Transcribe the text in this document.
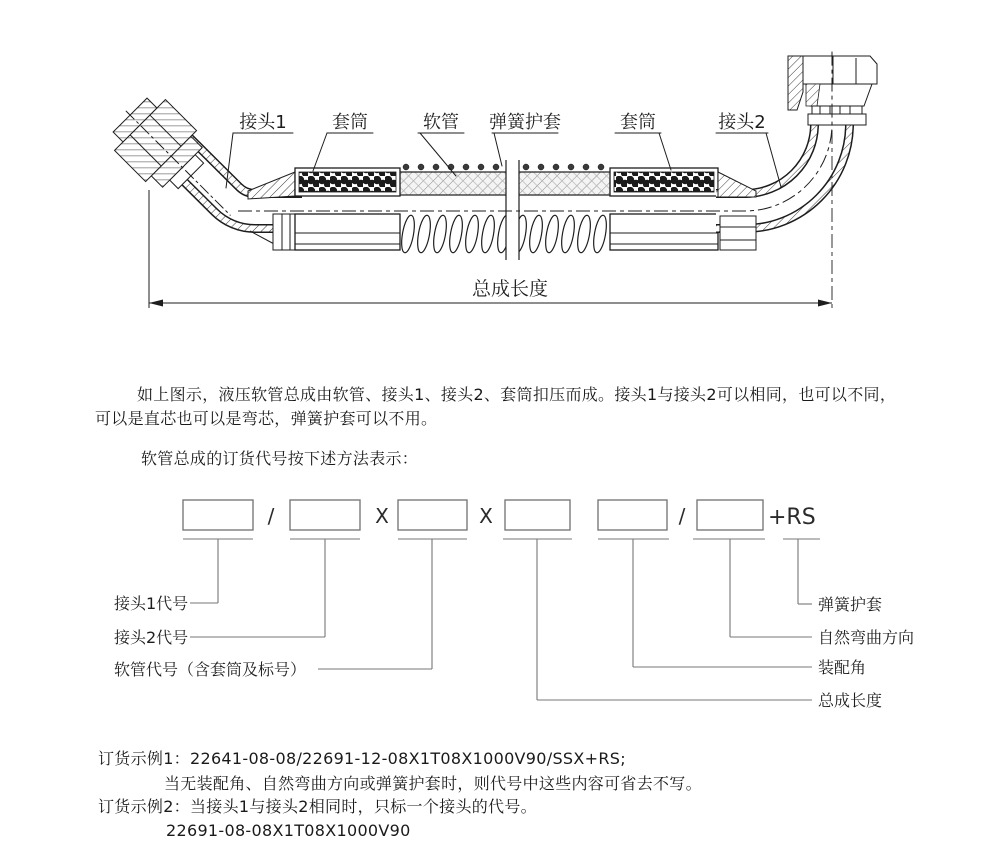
总成长度
接头1	套筒	软管 弹簧护套	套筒	接头2
如上图示，液压软管总成由软管、接头1、接头2、套筒扣压而成。接头1与接头2可以相同，也可以不同，
可以是直芯也可以是弯芯，弹簧护套可以不用。
软管总成的订货代号按下述方法表示：
/	X	X	/	+RS
接头1代号
接头2代号
软管代号（含套筒及标号）
弹簧护套
自然弯曲方向
装配角
总成长度
订货示例1：22641-08-08/22691-12-08X1T08X1000V90/SSX+RS;
当无装配角、自然弯曲方向或弹簧护套时，则代号中这些内容可省去不写。
订货示例2：当接头1与接头2相同时，只标一个接头的代号。
22691-08-08X1T08X1000V90
